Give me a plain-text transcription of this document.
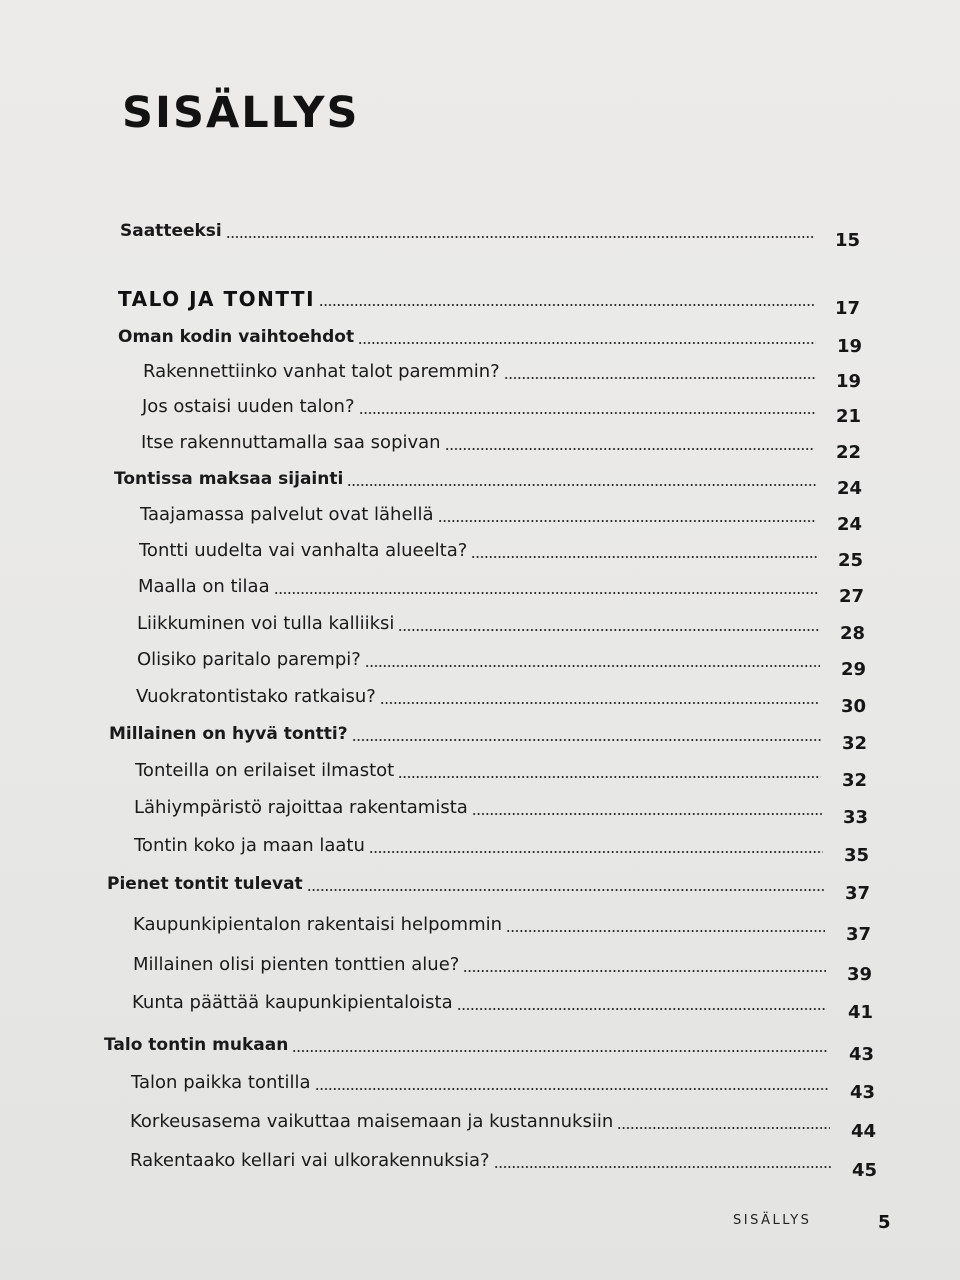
SISÄLLYS
Saatteeksi	15
TALO JA TONTTI	17
Oman kodin vaihtoehdot	19
Rakennettiinko vanhat talot paremmin?	19
Jos ostaisi uuden talon?	21
Itse rakennuttamalla saa sopivan	22
Tontissa maksaa sijainti	24
Taajamassa palvelut ovat lähellä	24
Tontti uudelta vai vanhalta alueelta?	25
Maalla on tilaa	27
Liikkuminen voi tulla kalliiksi	28
Olisiko paritalo parempi?	29
Vuokratontistako ratkaisu?	30
Millainen on hyvä tontti?	32
Tonteilla on erilaiset ilmastot	32
Lähiympäristö rajoittaa rakentamista	33
Tontin koko ja maan laatu	35
Pienet tontit tulevat	37
Kaupunkipientalon rakentaisi helpommin	37
Millainen olisi pienten tonttien alue?	39
Kunta päättää kaupunkipientaloista	41
Talo tontin mukaan	43
Talon paikka tontilla	43
Korkeusasema vaikuttaa maisemaan ja kustannuksiin	44
Rakentaako kellari vai ulkorakennuksia?	45
SISÄLLYS	5
